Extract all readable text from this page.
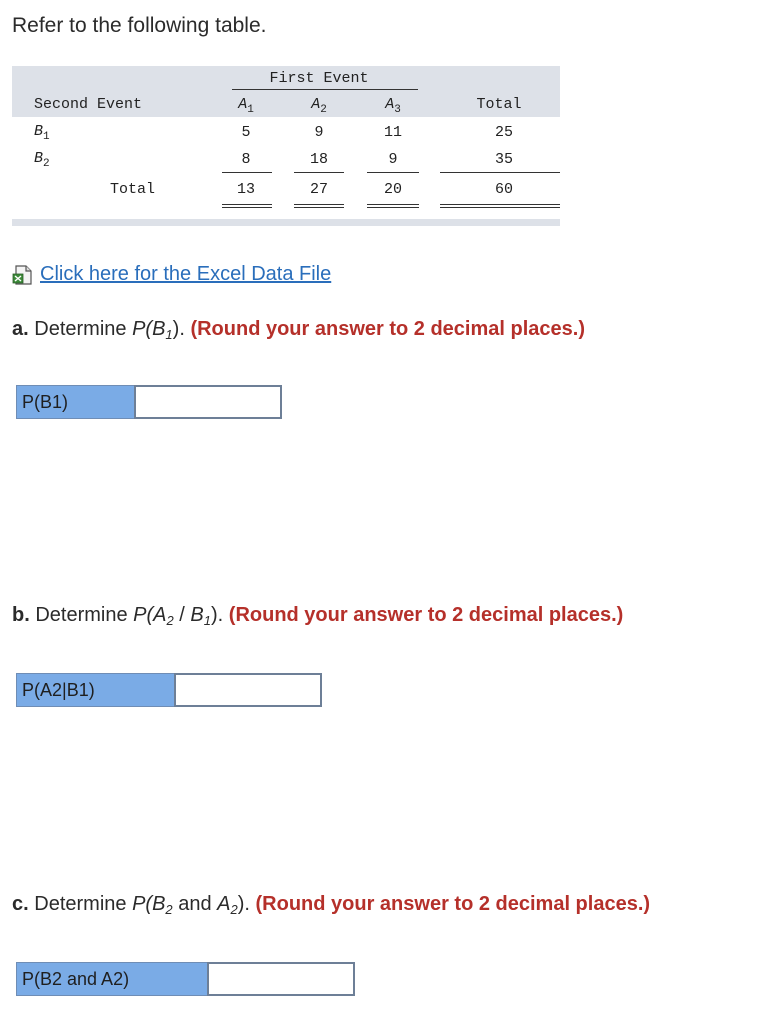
Refer to the following table.
First Event
Second Event	$A_1$	$A_2$	$A_3$	Total
$B_1$	5	9	11	25
$B_2$	8	18	9	35
Total	13	27	20	60
Click here for the Excel Data File
a. Determine $P(B_1)$. (Round your answer to 2 decimal places.)
P(B1)
b. Determine $P(A_2 / B_1)$. (Round your answer to 2 decimal places.)
P(A2|B1)
c. Determine $P(B_2$ and $A_2$). (Round your answer to 2 decimal places.)
P(B2 and A2)
